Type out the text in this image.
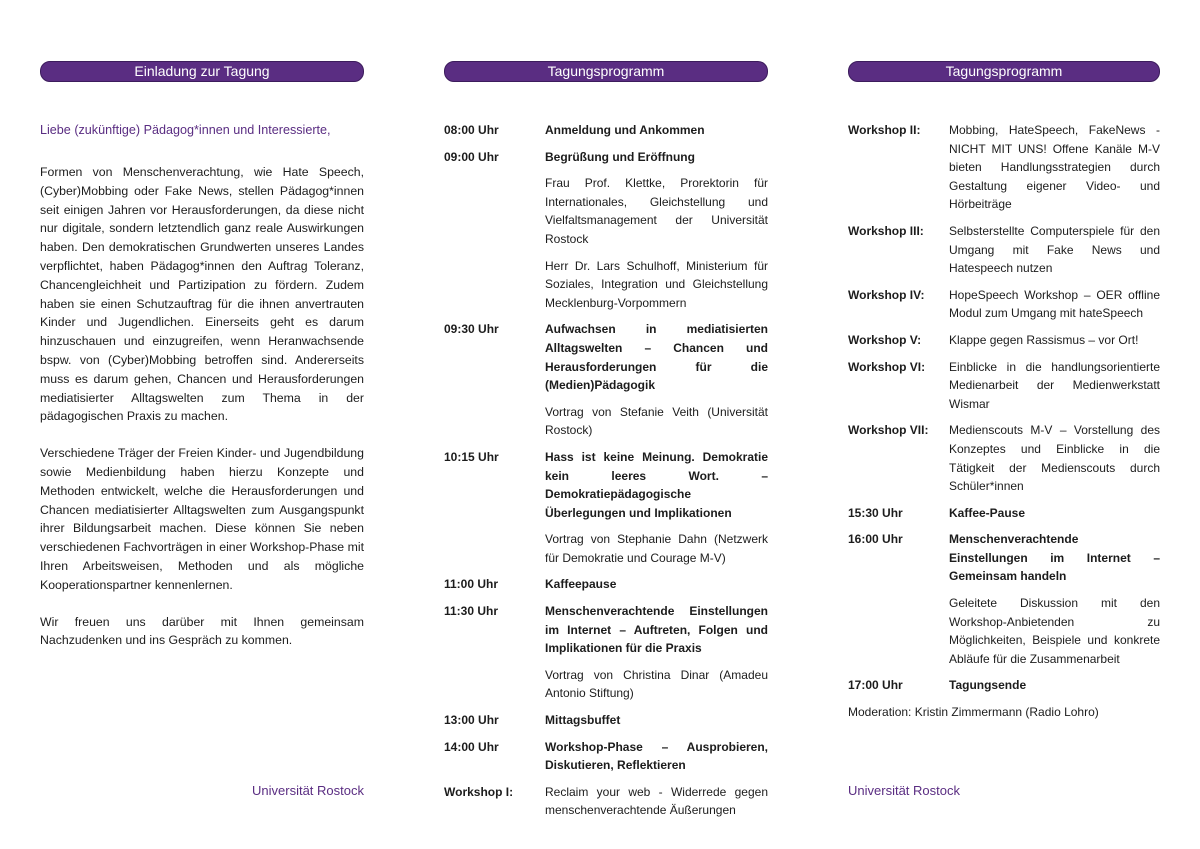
Einladung zur Tagung
Liebe (zukünftige) Pädagog*innen und Interessierte,

Formen von Menschenverachtung, wie Hate Speech, (Cyber)Mobbing oder Fake News, stellen Pädagog*innen seit einigen Jahren vor Herausforderungen, da diese nicht nur digitale, sondern letztendlich ganz reale Auswirkungen haben. Den demokratischen Grundwerten unseres Landes verpflichtet, haben Pädagog*innen den Auftrag Toleranz, Chancengleichheit und Partizipation zu fördern. Zudem haben sie einen Schutzauftrag für die ihnen anvertrauten Kinder und Jugendlichen. Einerseits geht es darum hinzuschauen und einzugreifen, wenn Heranwachsende bspw. von (Cyber)Mobbing betroffen sind. Andererseits muss es darum gehen, Chancen und Herausforderungen mediatisierter Alltagswelten zum Thema in der pädagogischen Praxis zu machen.

Verschiedene Träger der Freien Kinder- und Jugendbildung sowie Medienbildung haben hierzu Konzepte und Methoden entwickelt, welche die Herausforderungen und Chancen mediatisierter Alltagswelten zum Ausgangspunkt ihrer Bildungsarbeit machen. Diese können Sie neben verschiedenen Fachvorträgen in einer Workshop-Phase mit Ihren Arbeitsweisen, Methoden und als mögliche Kooperationspartner kennenlernen.

Wir freuen uns darüber mit Ihnen gemeinsam Nachzudenken und ins Gespräch zu kommen.

Universität Rostock
Tagungsprogramm
08:00 Uhr	Anmeldung und Ankommen
09:00 Uhr	Begrüßung und Eröffnung
Frau Prof. Klettke, Prorektorin für Internationales, Gleichstellung und Vielfaltsmanagement der Universität Rostock
Herr Dr. Lars Schulhoff, Ministerium für Soziales, Integration und Gleichstellung Mecklenburg-Vorpommern
09:30 Uhr	Aufwachsen in mediatisierten Alltagswelten – Chancen und Herausforderungen für die (Medien)Pädagogik
Vortrag von Stefanie Veith (Universität Rostock)
10:15 Uhr	Hass ist keine Meinung. Demokratie kein leeres Wort. – Demokratiepädagogische Überlegungen und Implikationen
Vortrag von Stephanie Dahn (Netzwerk für Demokratie und Courage M-V)
11:00 Uhr	Kaffeepause
11:30 Uhr	Menschenverachtende Einstellungen im Internet – Auftreten, Folgen und Implikationen für die Praxis
Vortrag von Christina Dinar (Amadeu Antonio Stiftung)
13:00 Uhr	Mittagsbuffet
14:00 Uhr	Workshop-Phase – Ausprobieren, Diskutieren, Reflektieren
Workshop I:	Reclaim your web - Widerrede gegen menschenverachtende Äußerungen
Tagungsprogramm
Workshop II:	Mobbing, HateSpeech, FakeNews - NICHT MIT UNS! Offene Kanäle M-V bieten Handlungsstrategien durch Gestaltung eigener Video- und Hörbeiträge
Workshop III:	Selbsterstellte Computerspiele für den Umgang mit Fake News und Hatespeech nutzen
Workshop IV:	HopeSpeech Workshop – OER offline Modul zum Umgang mit hateSpeech
Workshop V:	Klappe gegen Rassismus – vor Ort!
Workshop VI:	Einblicke in die handlungsorientierte Medienarbeit der Medienwerkstatt Wismar
Workshop VII:	Medienscouts M-V – Vorstellung des Konzeptes und Einblicke in die Tätigkeit der Medienscouts durch Schüler*innen
15:30 Uhr	Kaffee-Pause
16:00 Uhr	Menschenverachtende Einstellungen im Internet – Gemeinsam handeln
Geleitete Diskussion mit den Workshop-Anbietenden zu Möglichkeiten, Beispiele und konkrete Abläufe für die Zusammenarbeit
17:00 Uhr	Tagungsende
Moderation: Kristin Zimmermann (Radio Lohro)
Universität Rostock
